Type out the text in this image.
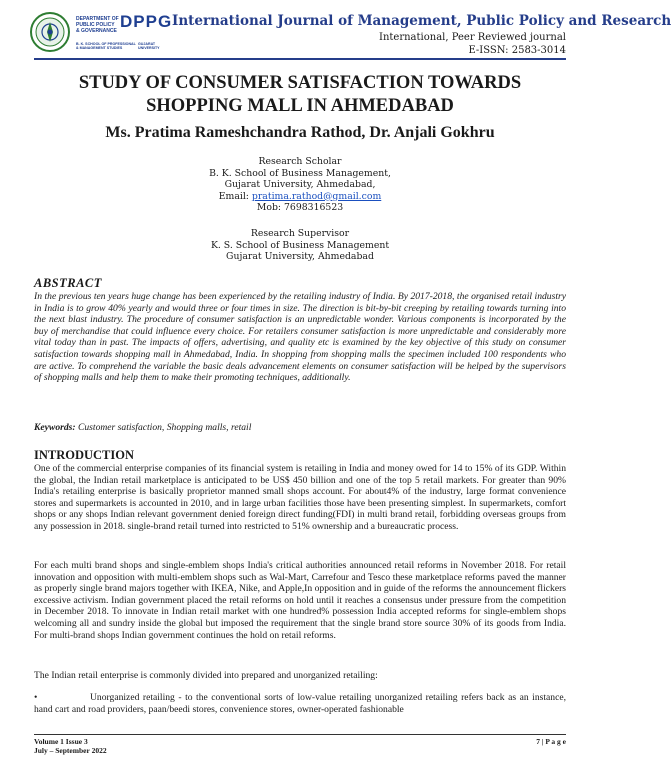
DEPARTMENT OF
PUBLIC POLICY
& GOVERNANCE DPPG
B. K. SCHOOL OF PROFESSIONAL
& MANAGEMENT STUDIES
GUJARAT
UNIVERSITY
International Journal of Management, Public Policy and Research
International, Peer Reviewed journal
E-ISSN: 2583-3014
STUDY OF CONSUMER SATISFACTION TOWARDS
SHOPPING MALL IN AHMEDABAD
Ms. Pratima Rameshchandra Rathod, Dr. Anjali Gokhru
Research Scholar
B. K. School of Business Management,
Gujarat University, Ahmedabad,
Email: pratima.rathod@gmail.com
Mob: 7698316523
Research Supervisor
K. S. School of Business Management
Gujarat University, Ahmedabad
ABSTRACT
In the previous ten years huge change has been experienced by the retailing industry of India. By 2017-2018, the organised retail industry in India is to grow 40% yearly and would three or four times in size. The direction is bit-by-bit creeping by retailing towards turning into the next blast industry. The procedure of consumer satisfaction is an unpredictable wonder. Various components is incorporated by the buy of merchandise that could influence every choice. For retailers consumer satisfaction is more unpredictable and considerably more vital today than in past. The impacts of offers, advertising, and quality etc is examined by the key objective of this study on consumer satisfaction towards shopping mall in Ahmedabad, India. In shopping from shopping malls the specimen included 100 respondents who are active. To comprehend the variable the basic deals advancement elements on consumer satisfaction will be helped by the supervisors of shopping malls and help them to make their promoting techniques, additionally.
Keywords: Customer satisfaction, Shopping malls, retail
INTRODUCTION
One of the commercial enterprise companies of its financial system is retailing in India and money owed for 14 to 15% of its GDP. Within the global, the Indian retail marketplace is anticipated to be US$ 450 billion and one of the top 5 retail markets. For greater than 90% India's retailing enterprise is basically proprietor manned small shops account. For about4% of the industry, large format convenience stores and supermarkets is accounted in 2010, and in large urban facilities those have been presenting simplest. In supermarkets, comfort shops or any shops Indian relevant government denied foreign direct funding(FDI) in multi brand retail, forbidding overseas groups from any possession in 2018. single-brand retail turned into restricted to 51% ownership and a bureaucratic process.
For each multi brand shops and single-emblem shops India's critical authorities announced retail reforms in November 2018. For retail innovation and opposition with multi-emblem shops such as Wal-Mart, Carrefour and Tesco these marketplace reforms paved the manner as properly single brand majors together with IKEA, Nike, and Apple,In opposition and in guide of the reforms the announcement flickers excessive activism. Indian government placed the retail reforms on hold until it reaches a consensus under pressure from the competition in December 2018. To innovate in Indian retail market with one hundred% possession India accepted reforms for single-emblem shops welcoming all and sundry inside the global but imposed the requirement that the single brand store source 30% of its goods from India. For multi-brand shops Indian government continues the hold on retail reforms.
The Indian retail enterprise is commonly divided into prepared and unorganized retailing:
•	Unorganized retailing - to the conventional sorts of low-value retailing unorganized retailing refers back as an instance, hand cart and road providers, paan/beedi stores, convenience stores, owner-operated fashionable
Volume 1 Issue 3
July – September 2022
7 | P a g e
